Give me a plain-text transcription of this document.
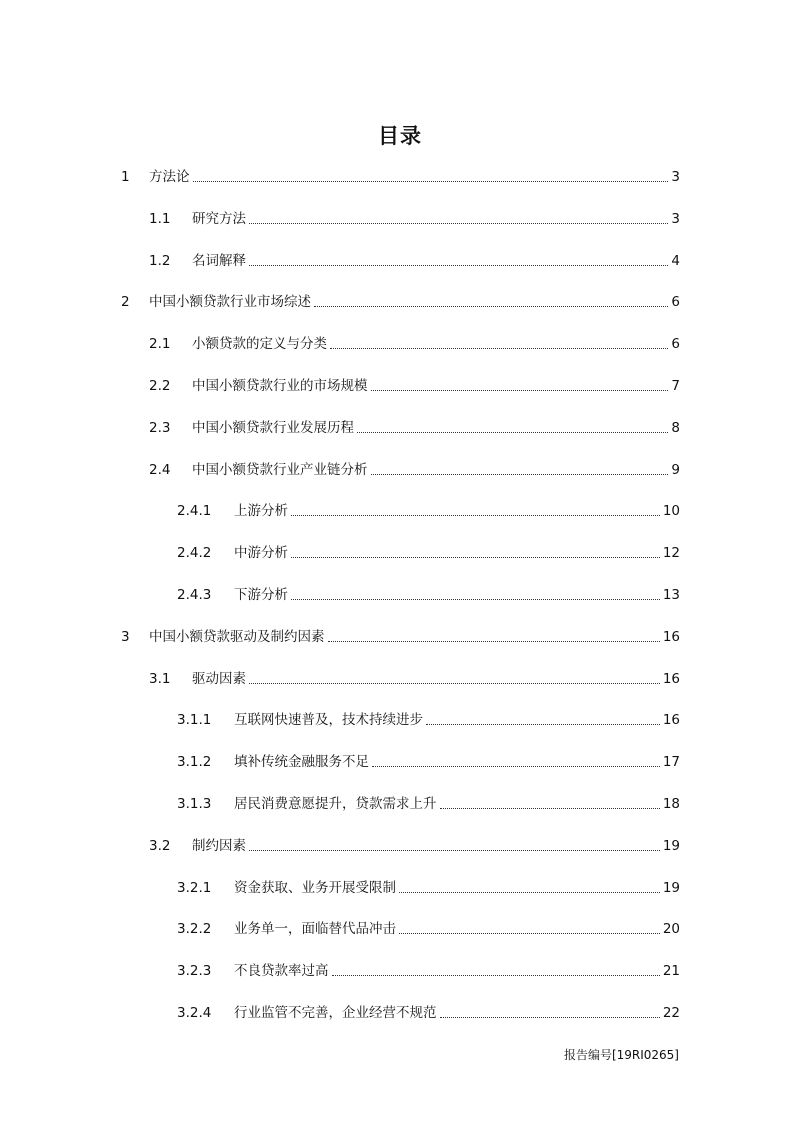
目录
1 方法论	3
1.1 研究方法	3
1.2 名词解释	4
2 中国小额贷款行业市场综述	6
2.1 小额贷款的定义与分类	6
2.2 中国小额贷款行业的市场规模	7
2.3 中国小额贷款行业发展历程	8
2.4 中国小额贷款行业产业链分析	9
2.4.1 上游分析	10
2.4.2 中游分析	12
2.4.3 下游分析	13
3 中国小额贷款驱动及制约因素	16
3.1 驱动因素	16
3.1.1 互联网快速普及，技术持续进步	16
3.1.2 填补传统金融服务不足	17
3.1.3 居民消费意愿提升，贷款需求上升	18
3.2 制约因素	19
3.2.1 资金获取、业务开展受限制	19
3.2.2 业务单一，面临替代品冲击	20
3.2.3 不良贷款率过高	21
3.2.4 行业监管不完善，企业经营不规范	22
报告编号[19RI0265]
